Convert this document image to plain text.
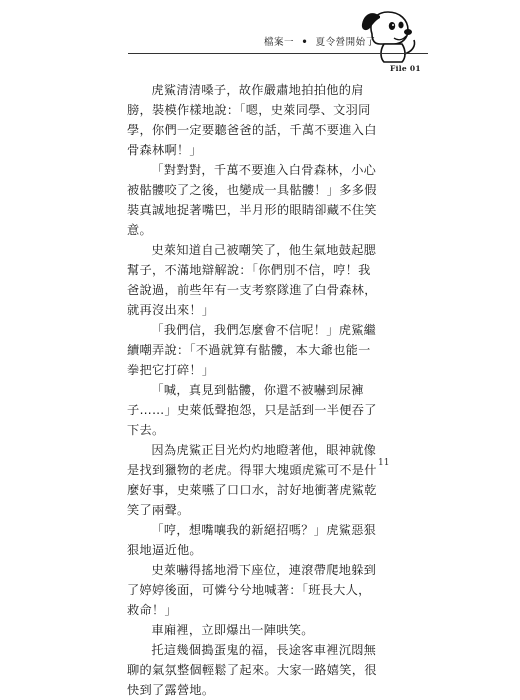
檔案一 • 夏令營開始了
File 01

虎鯊清清嗓子，故作嚴肅地拍拍他的肩膀，裝模作樣地說：「嗯，史萊同學、文羽同學，你們一定要聽爸爸的話，千萬不要進入白骨森林啊！」

「對對對，千萬不要進入白骨森林，小心被骷髏咬了之後，也變成一具骷髏！」多多假裝真誠地捉著嘴巴，半月形的眼睛卻藏不住笑意。

史萊知道自己被嘲笑了，他生氣地鼓起腮幫子，不滿地辯解說：「你們別不信，哼！我爸說過，前些年有一支考察隊進了白骨森林，就再沒出來！」

「我們信，我們怎麼會不信呢！」虎鯊繼續嘲弄說：「不過就算有骷髏，本大爺也能一拳把它打碎！」

「喊，真見到骷髏，你還不被嚇到尿褲子……」史萊低聲抱怨，只是話到一半便吞了下去。

因為虎鯊正目光灼灼地瞪著他，眼神就像是找到獵物的老虎。得罪大塊頭虎鯊可不是什麼好事，史萊嚥了口口水，討好地衝著虎鯊乾笑了兩聲。

「哼，想嘴嚷我的新絕招嗎？」虎鯊惡狠狠地逼近他。

史萊嚇得搖地滑下座位，連滾帶爬地躲到了婷婷後面，可憐兮兮地喊著：「班長大人，救命！」

車廂裡，立即爆出一陣哄笑。

托這幾個搗蛋鬼的福，長途客車裡沉悶無聊的氣氛整個輕鬆了起來。大家一路嬉笑，很快到了露營地。

11
